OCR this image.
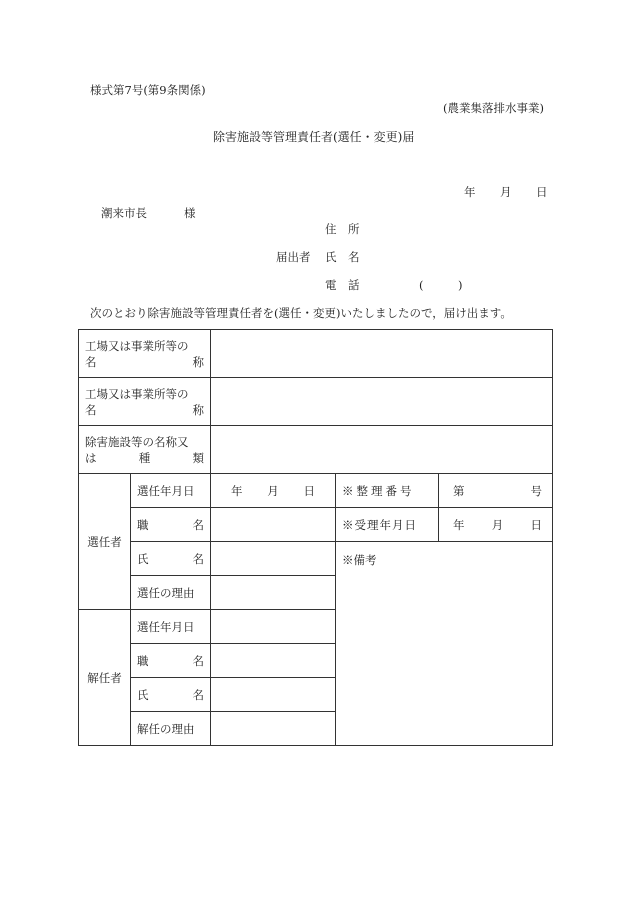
様式第7号(第9条関係)
(農業集落排水事業)
除害施設等管理責任者(選任・変更)届
年 月 日
潮来市長	様
住　所
届出者 氏　名
電　話	(　　　)
次のとおり除害施設等管理責任者を(選任・変更)いたしましたので，届け出ます。
工場又は事業所等の
名 称				

工場又は事業所等の
名 称				

除害施設等の名称又
は 種 類				

選任者	選任年月日	年 月 日	※整理番号	第 号

	職 名		※受理年月日	年 月 日

	氏 名		※備考	
	選任の理由			
解任者	選任年月日			

	職 名			

	氏 名			

	解任の理由			
